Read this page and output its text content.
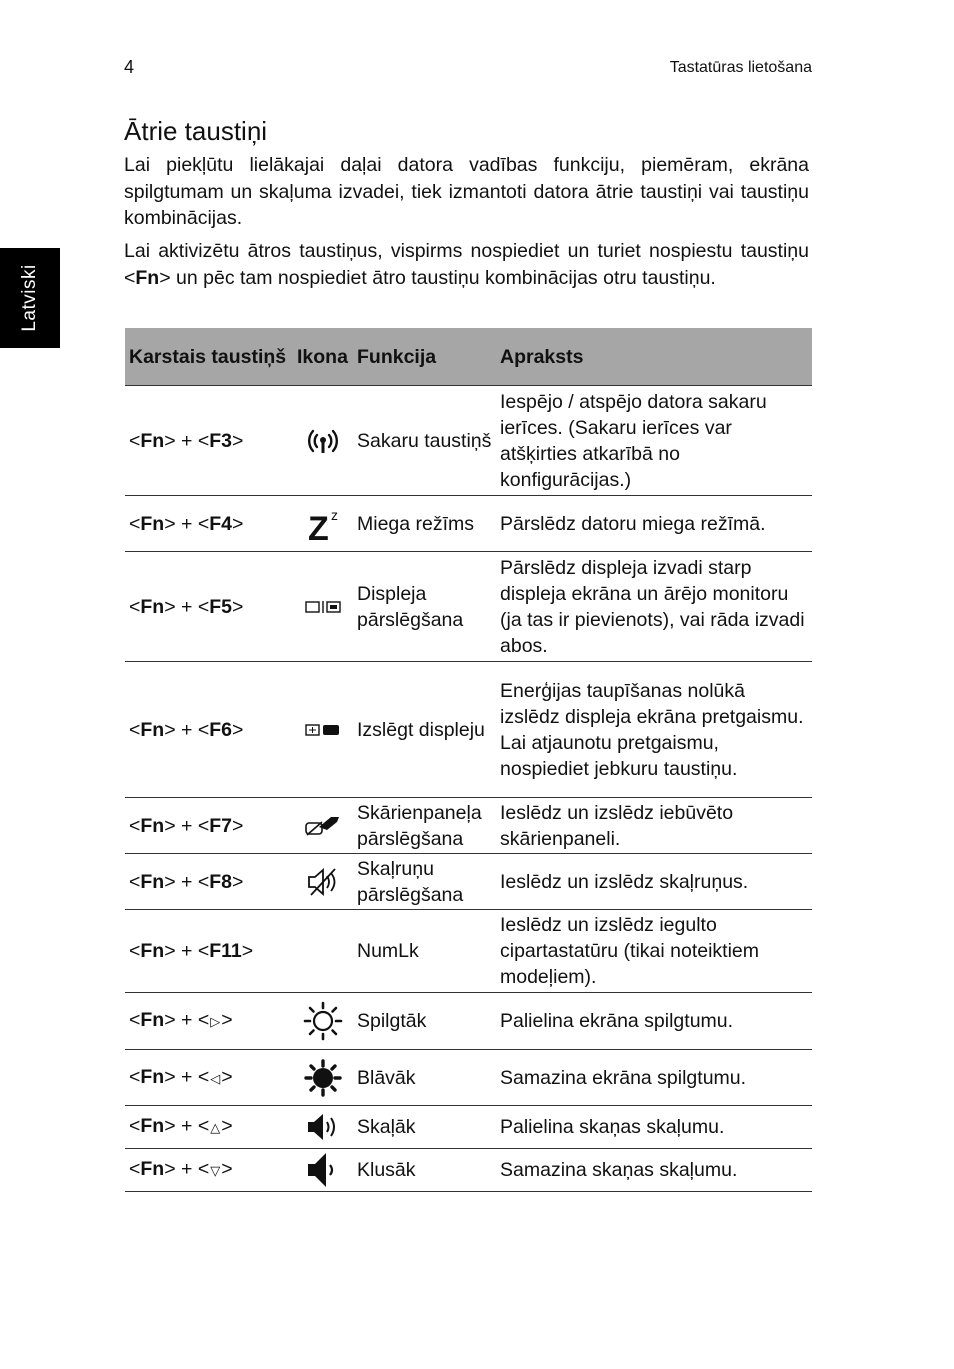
4	Tastatūras lietošana
Latviski
Ātrie taustiņi

Lai piekļūtu lielākajai daļai datora vadības funkciju, piemēram, ekrāna spilgtumam un skaļuma izvadei, tiek izmantoti datora ātrie taustiņi vai taustiņu kombinācijas.

Lai aktivizētu ātros taustiņus, vispirms nospiediet un turiet nospiestu taustiņu <Fn> un pēc tam nospiediet ātro taustiņu kombinācijas otru taustiņu.

Karstais taustiņš	Ikona	Funkcija	Apraksts
<Fn> + <F3>		Sakaru taustiņš	Iespējo / atspējo datora sakaru ierīces. (Sakaru ierīces var atšķirties atkarībā no konfigurācijas.)
<Fn> + <F4>	Z z	Miega režīms	Pārslēdz datoru miega režīmā.
<Fn> + <F5>		Displeja pārslēgšana	Pārslēdz displeja izvadi starp displeja ekrāna un ārējo monitoru (ja tas ir pievienots), vai rāda izvadi abos.
<Fn> + <F6>		Izslēgt displeju	Enerģijas taupīšanas nolūkā izslēdz displeja ekrāna pretgaismu. Lai atjaunotu pretgaismu, nospiediet jebkuru taustiņu.
<Fn> + <F7>		Skārienpaneļa pārslēgšana	Ieslēdz un izslēdz iebūvēto skārienpaneli.
<Fn> + <F8>		Skaļruņu pārslēgšana	Ieslēdz un izslēdz skaļruņus.
<Fn> + <F11>		NumLk	Ieslēdz un izslēdz iegulto cipartastatūru (tikai noteiktiem modeļiem).
<Fn> + <▷>		Spilgtāk	Palielina ekrāna spilgtumu.
<Fn> + <◁>		Blāvāk	Samazina ekrāna spilgtumu.
<Fn> + <△>		Skaļāk	Palielina skaņas skaļumu.
<Fn> + <▽>		Klusāk	Samazina skaņas skaļumu.
